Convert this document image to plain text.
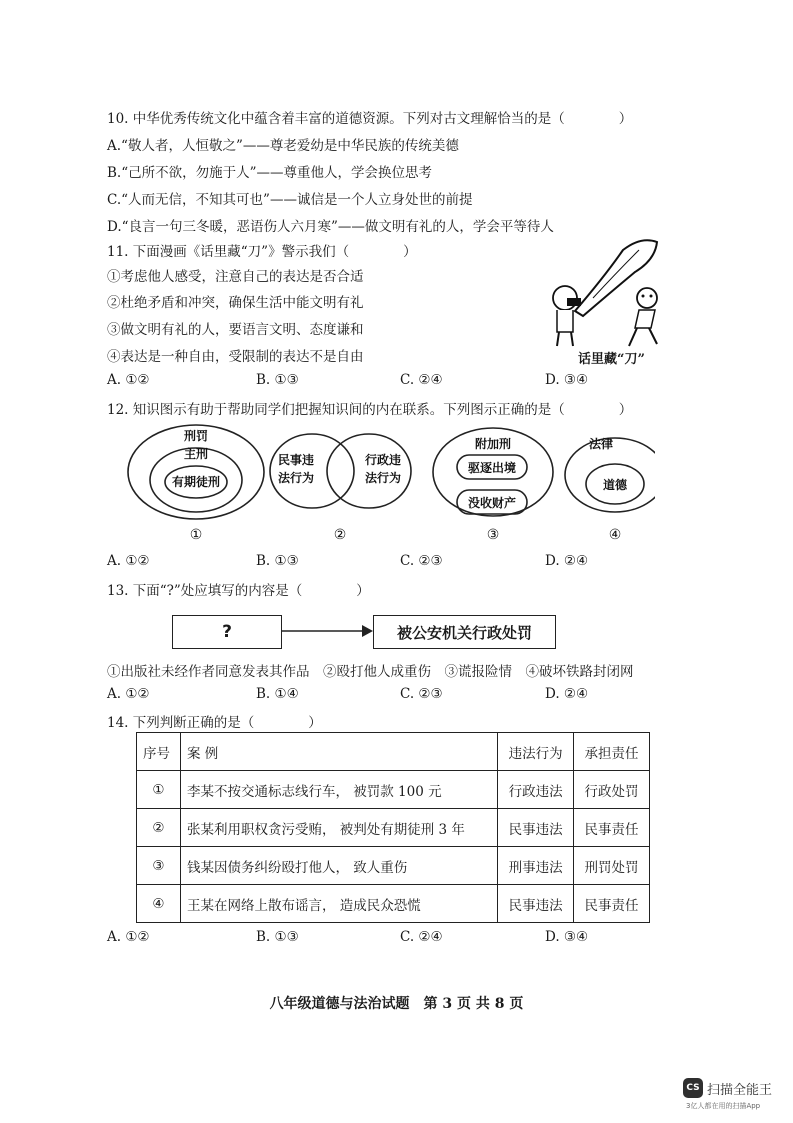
10. 中华优秀传统文化中蕴含着丰富的道德资源。下列对古文理解恰当的是（　　　　）
A.“敬人者，人恒敬之”——尊老爱幼是中华民族的传统美德
B.“己所不欲，勿施于人”——尊重他人，学会换位思考
C.“人而无信，不知其可也”——诚信是一个人立身处世的前提
D.“良言一句三冬暖，恶语伤人六月寒”——做文明有礼的人，学会平等待人
11. 下面漫画《话里藏“刀”》警示我们（　　　　）
①考虑他人感受，注意自己的表达是否合适
②杜绝矛盾和冲突，确保生活中能文明有礼
③做文明有礼的人，要语言文明、态度谦和
④表达是一种自由，受限制的表达不是自由	话里藏“刀”
A. ①②	B. ①③	C. ②④	D. ③④
12. 知识图示有助于帮助同学们把握知识间的内在联系。下列图示正确的是（　　　　）
刑罚
主刑
有期徒刑
民事违
法行为
行政违
法行为
附加刑
驱逐出境
没收财产
法律
道德
①	②	③	④
A. ①②	B. ①③	C. ②③	D. ②④
13. 下面“?”处应填写的内容是（　　　　）
?	被公安机关行政处罚
①出版社未经作者同意发表其作品　②殴打他人成重伤　③谎报险情　④破坏铁路封闭网
A. ①②	B. ①④	C. ②③	D. ②④
14. 下列判断正确的是（　　　　）
序号	案 例	违法行为	承担责任
①	李某不按交通标志线行车， 被罚款 100 元	行政违法	行政处罚
②	张某利用职权贪污受贿， 被判处有期徒刑 3 年	民事违法	民事责任
③	钱某因债务纠纷殴打他人， 致人重伤	刑事违法	刑罚处罚
④	王某在网络上散布谣言， 造成民众恐慌	民事违法	民事责任
A. ①②	B. ①③	C. ②④	D. ③④
八年级道德与法治试题　第 3 页 共 8 页
CS 扫描全能王
3亿人都在用的扫描App
